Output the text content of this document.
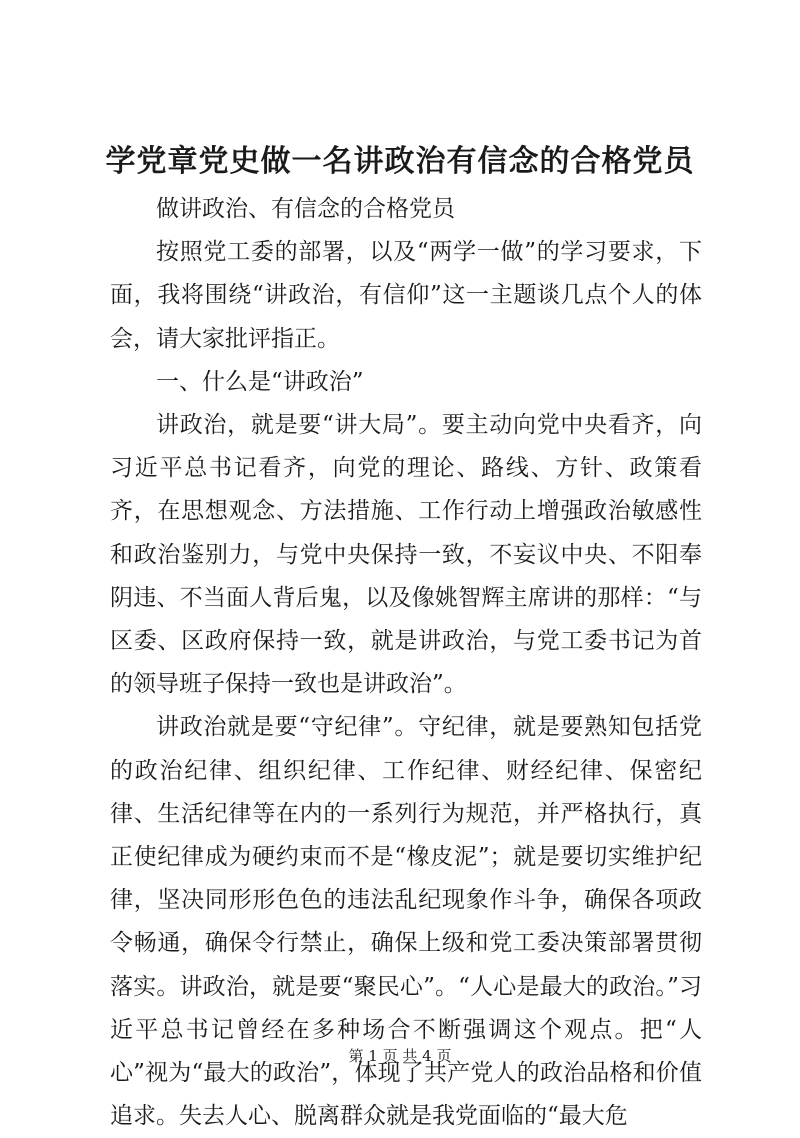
学党章党史做一名讲政治有信念的合格党员

做讲政治、有信念的合格党员

按照党工委的部署，以及“两学一做”的学习要求，下面，我将围绕“讲政治，有信仰”这一主题谈几点个人的体会，请大家批评指正。

一、什么是“讲政治”

讲政治，就是要“讲大局”。要主动向党中央看齐，向习近平总书记看齐，向党的理论、路线、方针、政策看齐，在思想观念、方法措施、工作行动上增强政治敏感性和政治鉴别力，与党中央保持一致，不妄议中央、不阳奉阴违、不当面人背后鬼，以及像姚智辉主席讲的那样：“与区委、区政府保持一致，就是讲政治，与党工委书记为首的领导班子保持一致也是讲政治”。

讲政治就是要“守纪律”。守纪律，就是要熟知包括党的政治纪律、组织纪律、工作纪律、财经纪律、保密纪律、生活纪律等在内的一系列行为规范，并严格执行，真正使纪律成为硬约束而不是“橡皮泥”；就是要切实维护纪律，坚决同形形色色的违法乱纪现象作斗争，确保各项政令畅通，确保令行禁止，确保上级和党工委决策部署贯彻落实。讲政治，就是要“聚民心”。“人心是最大的政治。”习近平总书记曾经在多种场合不断强调这个观点。把“人心”视为“最大的政治”，体现了共产党人的政治品格和价值追求。失去人心、脱离群众就是我党面临的“最大危

第 1 页 共 4 页
